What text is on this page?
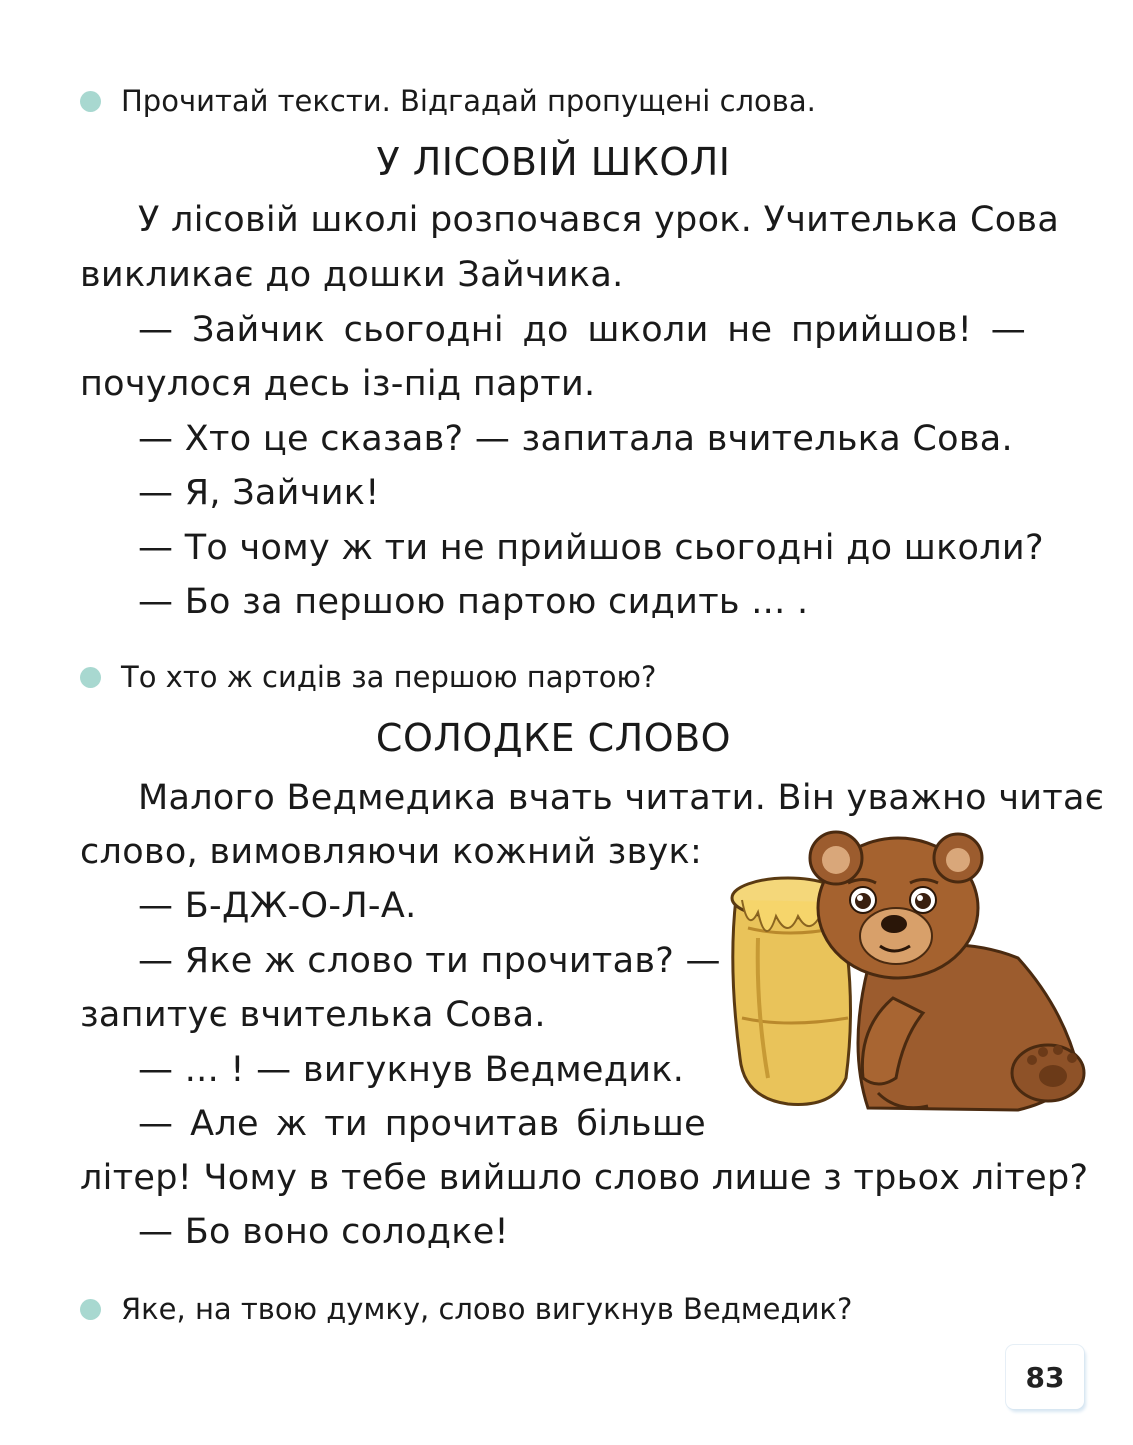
Прочитай тексти. Відгадай пропущені слова.
У ЛІСОВІЙ ШКОЛІ
У лісовій школі розпочався урок. Учителька Сова
викликає до дошки Зайчика.
— Зайчик сьогодні до школи не прийшов! —
почулося десь із-під парти.
— Хто це сказав? — запитала вчителька Сова.
— Я, Зайчик!
— То чому ж ти не прийшов сьогодні до школи?
— Бо за першою партою сидить ... .
То хто ж сидів за першою партою?
СОЛОДКЕ СЛОВО
Малого Ведмедика вчать читати. Він уважно читає
слово, вимовляючи кожний звук:
— Б-ДЖ-О-Л-А.
— Яке ж слово ти прочитав? —
запитує вчителька Сова.
— ... ! — вигукнув Ведмедик.
— Але ж ти прочитав більше
літер! Чому в тебе вийшло слово лише з трьох літер?
— Бо воно солодке!
Яке, на твою думку, слово вигукнув Ведмедик?
83
